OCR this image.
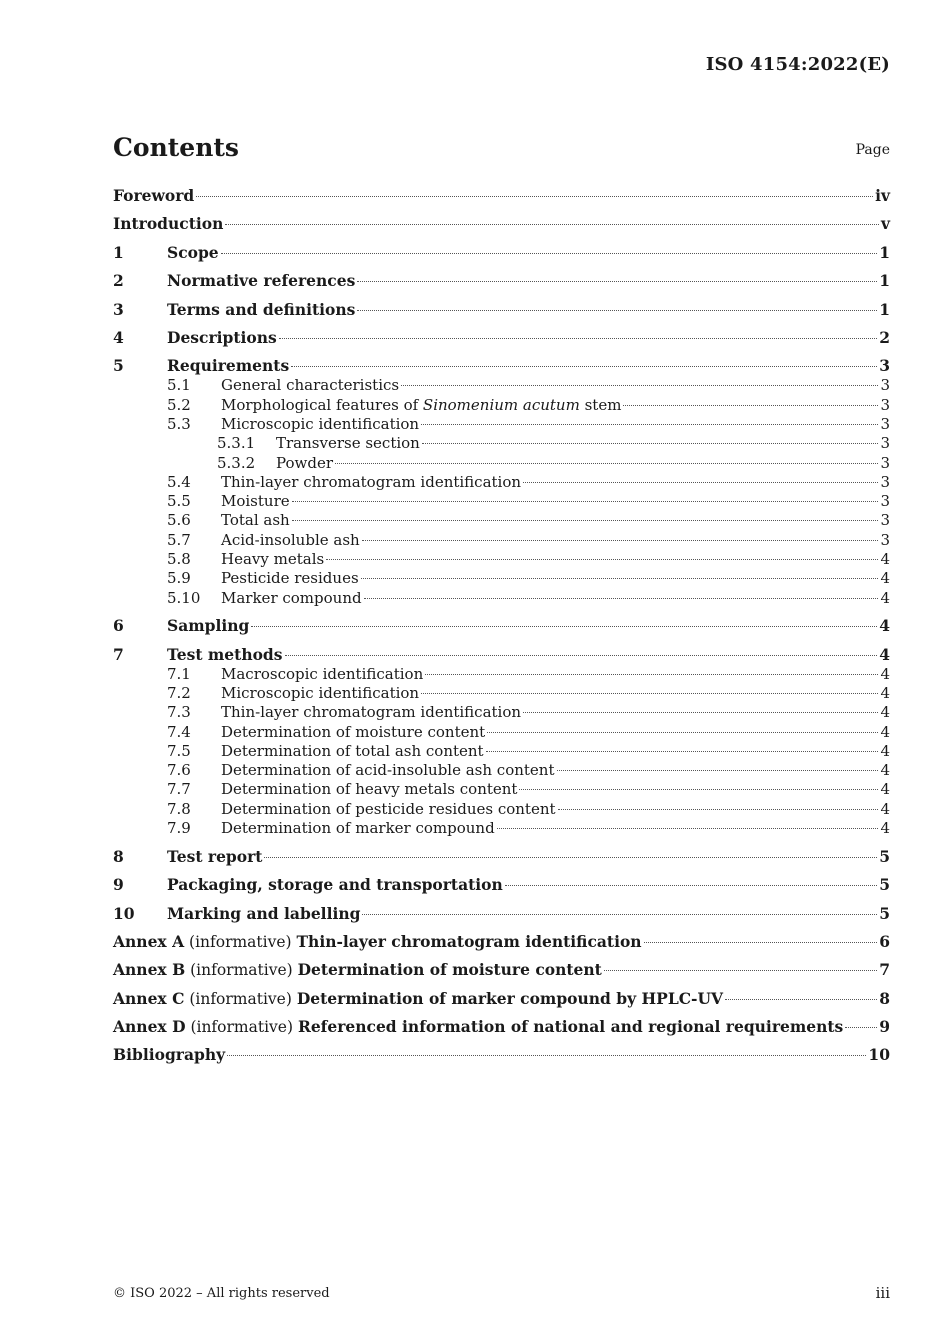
ISO 4154:2022(E)
Contents	Page
Foreword	iv
Introduction	v
1	Scope	1
2	Normative references	1
3	Terms and definitions	1
4	Descriptions	2
5	Requirements	3
5.1	General characteristics	3
5.2	Morphological features of Sinomenium acutum stem	3
5.3	Microscopic identification	3
5.3.1	Transverse section	3
5.3.2	Powder	3
5.4	Thin-layer chromatogram identification	3
5.5	Moisture	3
5.6	Total ash	3
5.7	Acid-insoluble ash	3
5.8	Heavy metals	4
5.9	Pesticide residues	4
5.10	Marker compound	4
6	Sampling	4
7	Test methods	4
7.1	Macroscopic identification	4
7.2	Microscopic identification	4
7.3	Thin-layer chromatogram identification	4
7.4	Determination of moisture content	4
7.5	Determination of total ash content	4
7.6	Determination of acid-insoluble ash content	4
7.7	Determination of heavy metals content	4
7.8	Determination of pesticide residues content	4
7.9	Determination of marker compound	4
8	Test report	5
9	Packaging, storage and transportation	5
10	Marking and labelling	5
Annex A (informative) Thin-layer chromatogram identification	6
Annex B (informative) Determination of moisture content	7
Annex C (informative) Determination of marker compound by HPLC-UV	8
Annex D (informative) Referenced information of national and regional requirements 9
Bibliography	10
© ISO 2022 – All rights reserved	iii
